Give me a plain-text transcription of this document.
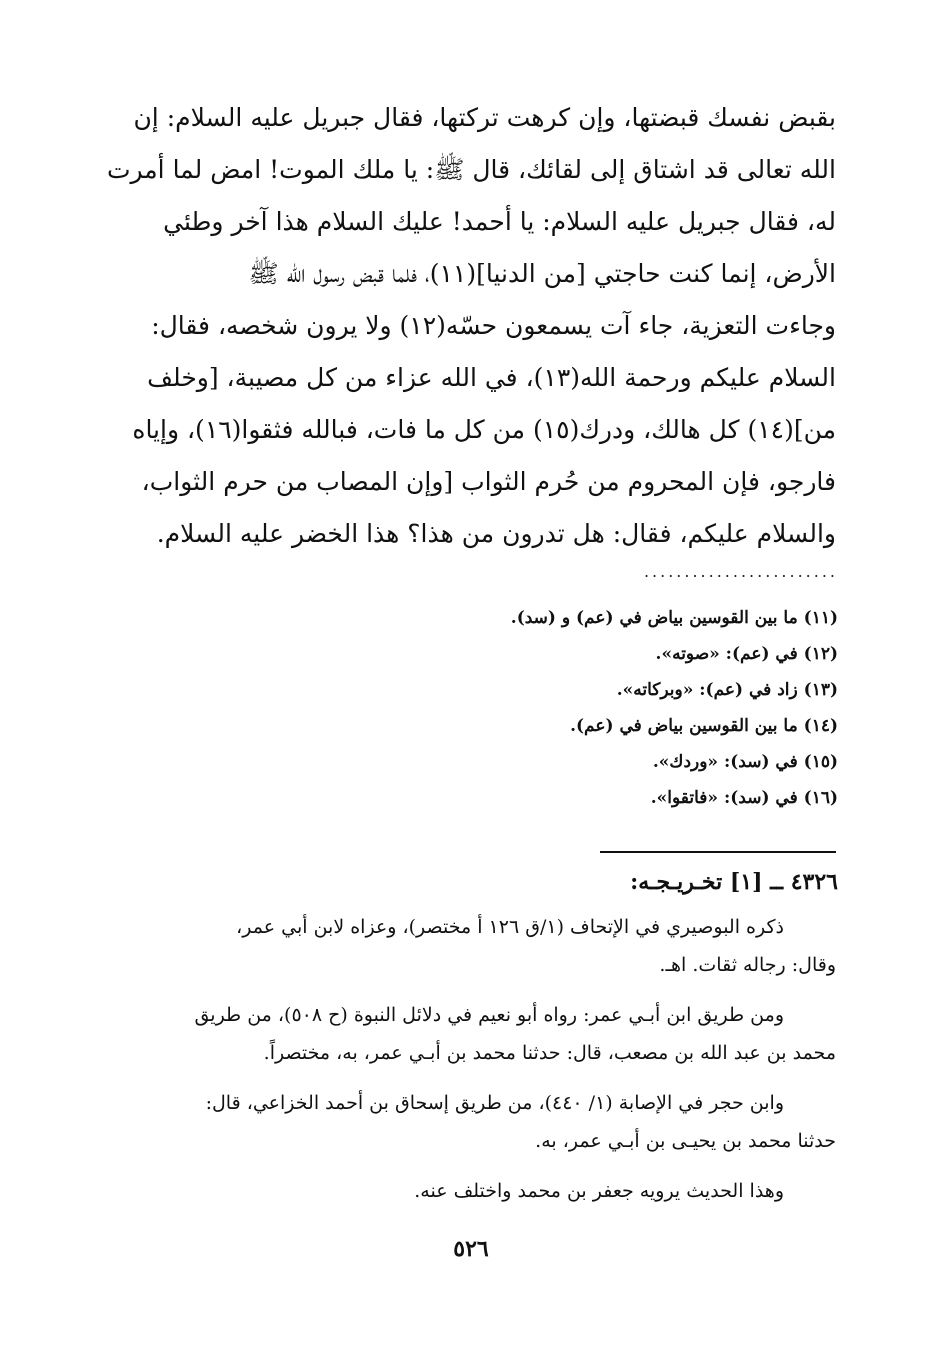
بقبض نفسك قبضتها، وإن كرهت تركتها، فقال جبريل عليه السلام: إن
الله تعالى قد اشتاق إلى لقائك، قال ﷺ: يا ملك الموت! امض لما أمرت
له، فقال جبريل عليه السلام: يا أحمد! عليك السلام هذا آخر وطئي
الأرض، إنما كنت حاجتي [من الدنيا](١١)، فلما قبض رسول الله ﷺ
وجاءت التعزية، جاء آت يسمعون حسّه(١٢) ولا يرون شخصه، فقال:
السلام عليكم ورحمة الله(١٣)، في الله عزاء من كل مصيبة، [وخلف
من](١٤) كل هالك، ودرك(١٥) من كل ما فات، فبالله فثقوا(١٦)، وإياه
فارجو، فإن المحروم من حُرم الثواب [وإن المصاب من حرم الثواب،
والسلام عليكم، فقال: هل تدرون من هذا؟ هذا الخضر عليه السلام.
........................
(١١) ما بين القوسين بياض في (عم) و (سد).
(١٢) في (عم): «صوته».
(١٣) زاد في (عم): «وبركاته».
(١٤) ما بين القوسين بياض في (عم).
(١٥) في (سد): «وردك».
(١٦) في (سد): «فاتقوا».
٤٣٢٦ ــ [١] تخـريـجـه:
ذكره البوصيري في الإتحاف (١/ق ١٢٦ أ مختصر)، وعزاه لابن أبي عمر،
وقال: رجاله ثقات. اهـ.
ومن طريق ابن أبـي عمر: رواه أبو نعيم في دلائل النبوة (ح ٥٠٨)، من طريق
محمد بن عبد الله بن مصعب، قال: حدثنا محمد بن أبـي عمر، به، مختصراً.
وابن حجر في الإصابة (١/ ٤٤٠)، من طريق إسحاق بن أحمد الخزاعي، قال:
حدثنا محمد بن يحيـى بن أبـي عمر، به.
وهذا الحديث يرويه جعفر بن محمد واختلف عنه.
٥٢٦
